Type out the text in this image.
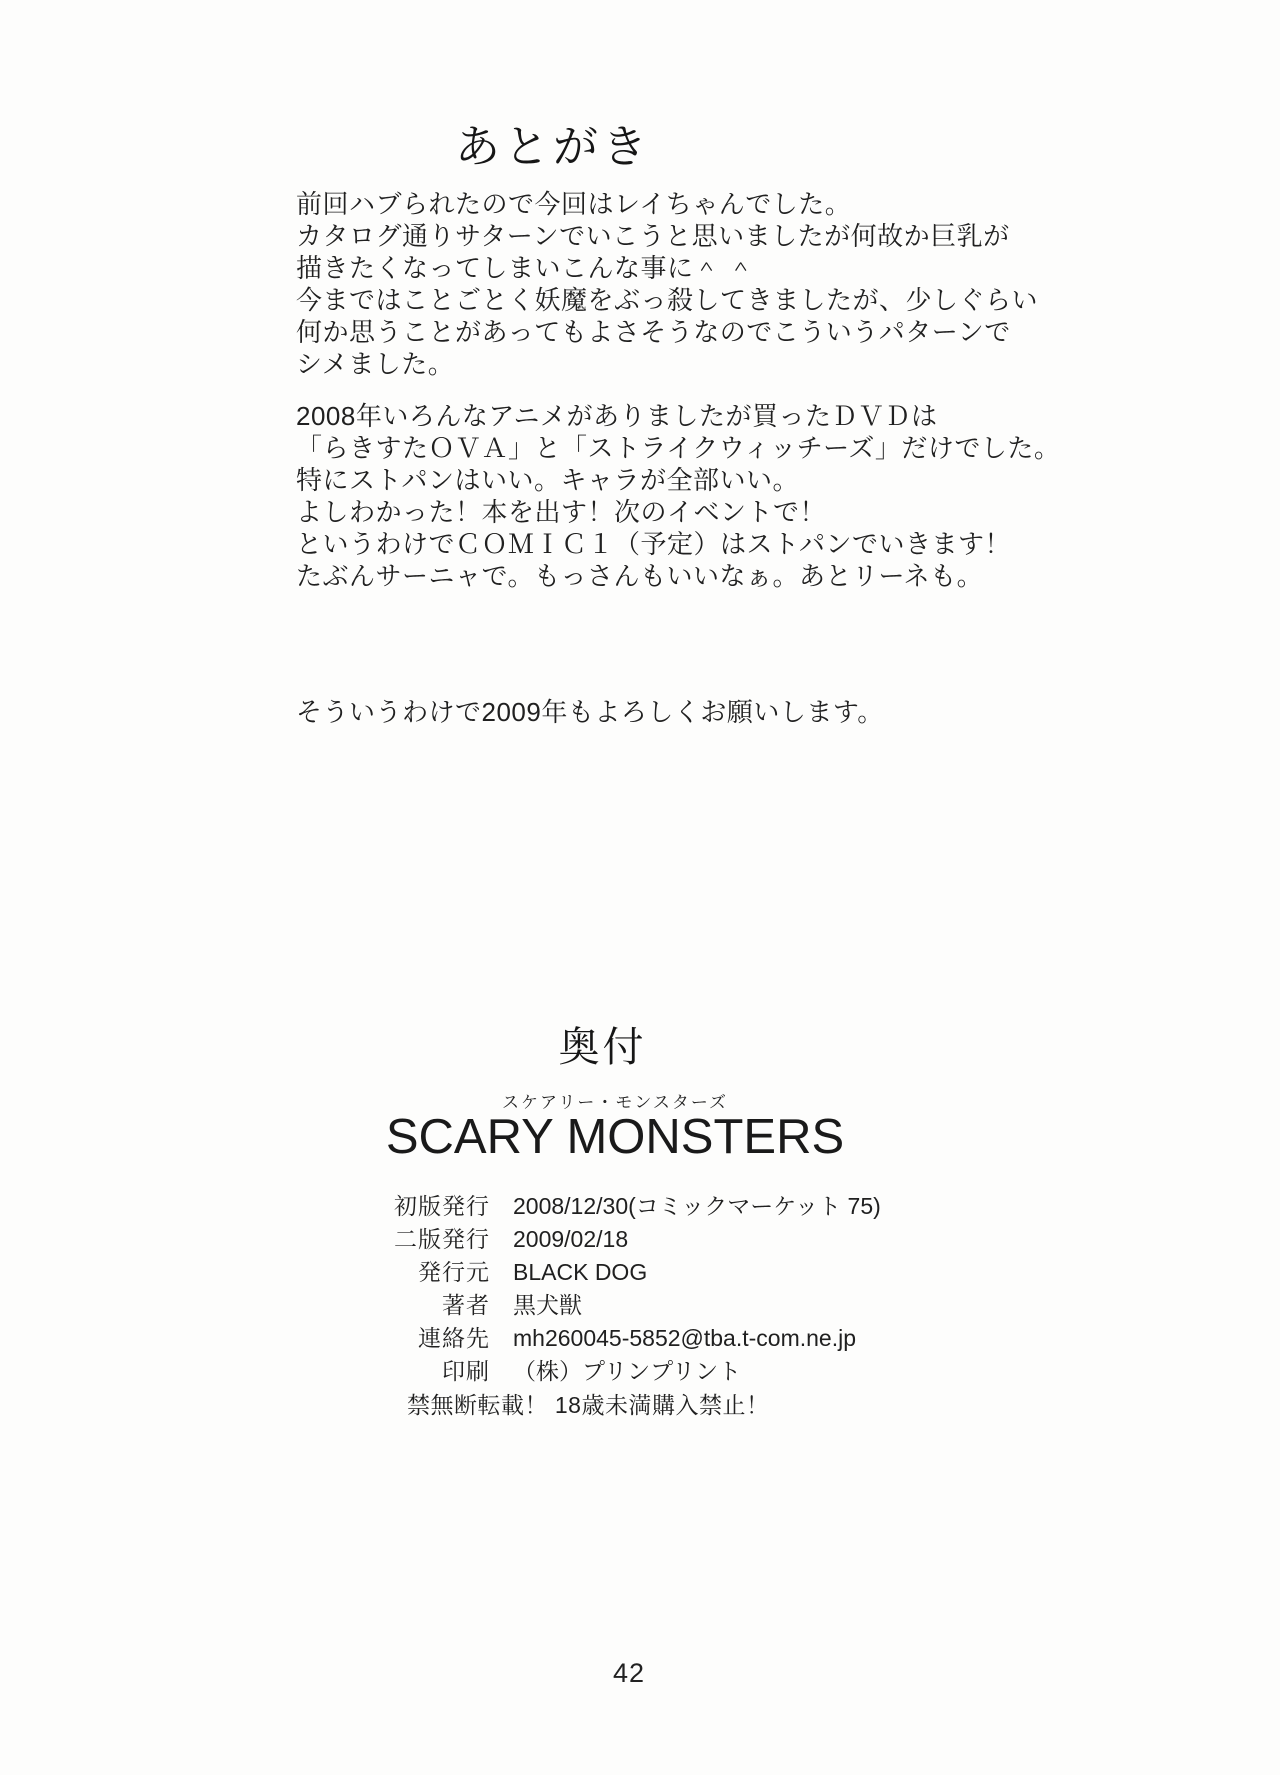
あとがき

前回ハブられたので今回はレイちゃんでした。

カタログ通りサターンでいこうと思いましたが何故か巨乳が

描きたくなってしまいこんな事に＾ ＾

今まではことごとく妖魔をぶっ殺してきましたが、少しぐらい

何か思うことがあってもよさそうなのでこういうパターンで

シメました。

2008年いろんなアニメがありましたが買ったＤＶＤは

「らきすたＯＶＡ」と「ストライクウィッチーズ」だけでした。

特にストパンはいい。キャラが全部いい。

よしわかった！本を出す！次のイベントで！

というわけでＣＯＭＩＣ１（予定）はストパンでいきます！

たぶんサーニャで。もっさんもいいなぁ。あとリーネも。

そういうわけで2009年もよろしくお願いします。

奥付
スケアリー・モンスターズ
SCARY MONSTERS
初版発行 2008/12/30(コミックマーケット 75)
二版発行 2009/02/18
発行元 BLACK DOG
著者 黒犬獣
連絡先 mh260045-5852@tba.t-com.ne.jp
印刷 （株）プリンプリント
禁無断転載！ 18歳未満購入禁止！
42
